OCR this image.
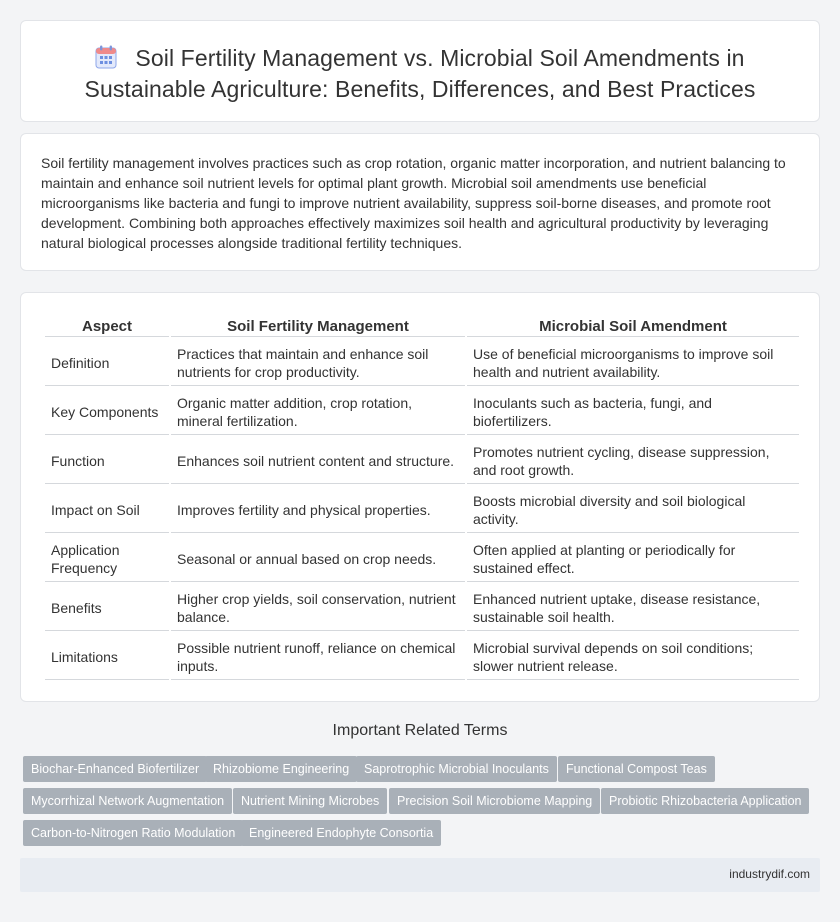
Soil Fertility Management vs. Microbial Soil Amendments in Sustainable Agriculture: Benefits, Differences, and Best Practices

Soil fertility management involves practices such as crop rotation, organic matter incorporation, and nutrient balancing to maintain and enhance soil nutrient levels for optimal plant growth. Microbial soil amendments use beneficial microorganisms like bacteria and fungi to improve nutrient availability, suppress soil-borne diseases, and promote root development. Combining both approaches effectively maximizes soil health and agricultural productivity by leveraging natural biological processes alongside traditional fertility techniques.

Aspect	Soil Fertility Management	Microbial Soil Amendment
Definition	Practices that maintain and enhance soil nutrients for crop productivity.	Use of beneficial microorganisms to improve soil health and nutrient availability.
Key Components	Organic matter addition, crop rotation, mineral fertilization.	Inoculants such as bacteria, fungi, and biofertilizers.
Function	Enhances soil nutrient content and structure.	Promotes nutrient cycling, disease suppression, and root growth.
Impact on Soil	Improves fertility and physical properties.	Boosts microbial diversity and soil biological activity.
Application Frequency	Seasonal or annual based on crop needs.	Often applied at planting or periodically for sustained effect.
Benefits	Higher crop yields, soil conservation, nutrient balance.	Enhanced nutrient uptake, disease resistance, sustainable soil health.
Limitations	Possible nutrient runoff, reliance on chemical inputs.	Microbial survival depends on soil conditions; slower nutrient release.
Important Related Terms
Biochar-Enhanced Biofertilizer	Rhizobiome Engineering	Saprotrophic Microbial Inoculants	Functional Compost Teas
Mycorrhizal Network Augmentation	Nutrient Mining Microbes	Precision Soil Microbiome Mapping	Probiotic Rhizobacteria Application
Carbon-to-Nitrogen Ratio Modulation	Engineered Endophyte Consortia
industrydif.com
